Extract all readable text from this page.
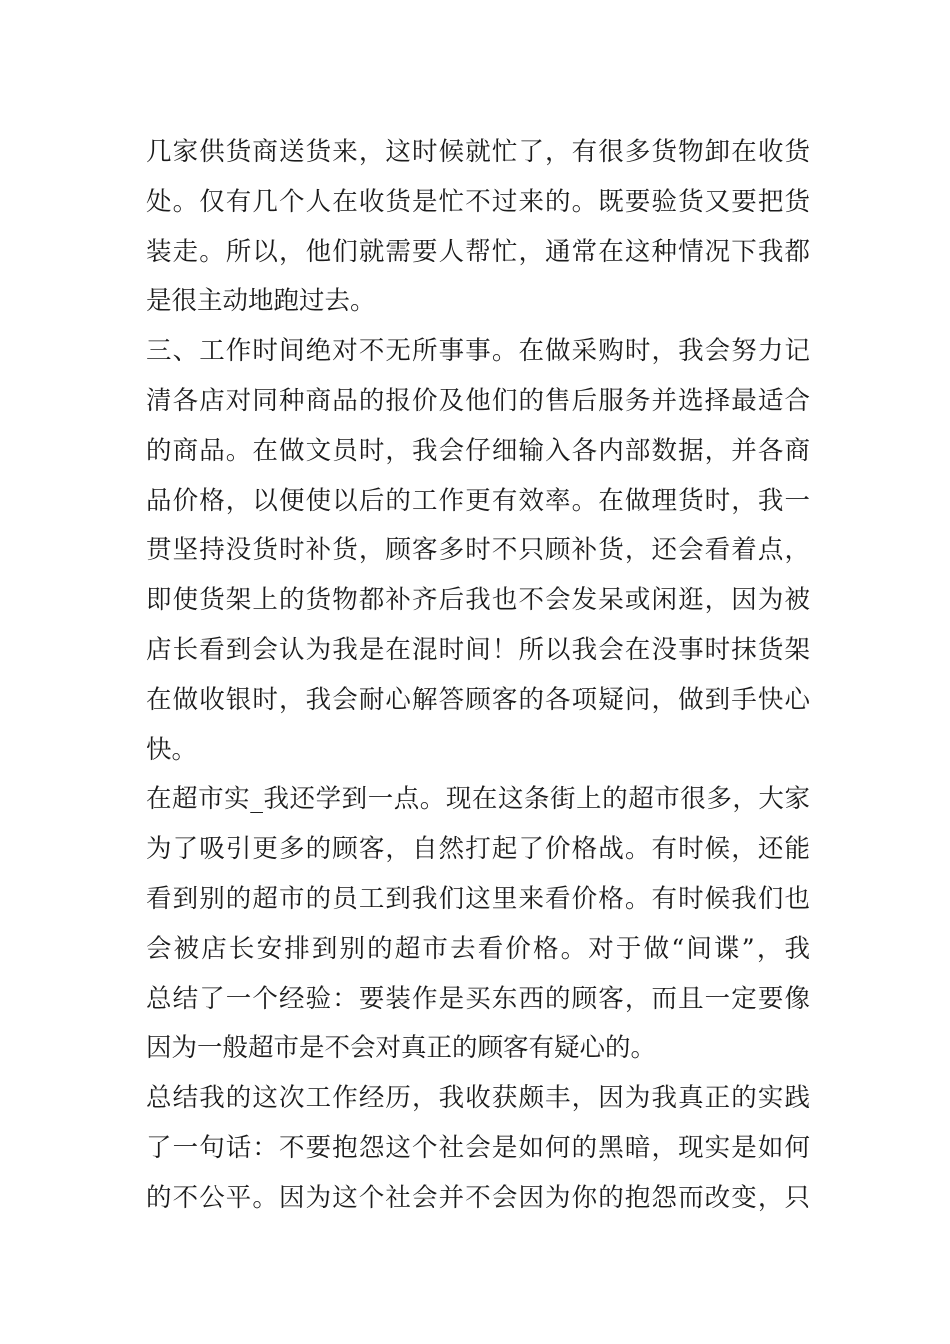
几家供货商送货来，这时候就忙了，有很多货物卸在收货
处。仅有几个人在收货是忙不过来的。既要验货又要把货
装走。所以，他们就需要人帮忙，通常在这种情况下我都
是很主动地跑过去。
三、工作时间绝对不无所事事。在做采购时，我会努力记
清各店对同种商品的报价及他们的售后服务并选择最适合
的商品。在做文员时，我会仔细输入各内部数据，并各商
品价格，以便使以后的工作更有效率。在做理货时，我一
贯坚持没货时补货，顾客多时不只顾补货，还会看着点，
即使货架上的货物都补齐后我也不会发呆或闲逛，因为被
店长看到会认为我是在混时间！所以我会在没事时抹货架
在做收银时，我会耐心解答顾客的各项疑问，做到手快心
快。
在超市实_我还学到一点。现在这条街上的超市很多，大家
为了吸引更多的顾客，自然打起了价格战。有时候，还能
看到别的超市的员工到我们这里来看价格。有时候我们也
会被店长安排到别的超市去看价格。对于做“间谍”，我
总结了一个经验：要装作是买东西的顾客，而且一定要像
因为一般超市是不会对真正的顾客有疑心的。
总结我的这次工作经历，我收获颇丰，因为我真正的实践
了一句话：不要抱怨这个社会是如何的黑暗，现实是如何
的不公平。因为这个社会并不会因为你的抱怨而改变，只
